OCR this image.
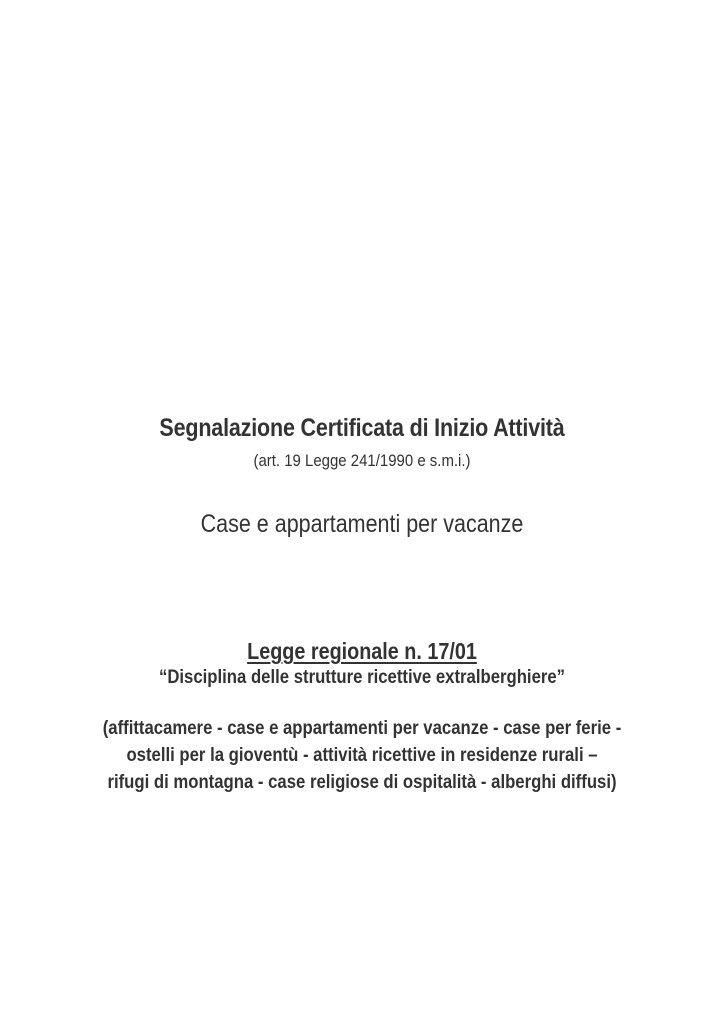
Segnalazione Certificata di Inizio Attività
(art. 19 Legge 241/1990 e s.m.i.)
Case e appartamenti per vacanze
Legge regionale n. 17/01
“Disciplina delle strutture ricettive extralberghiere”
(affittacamere - case e appartamenti per vacanze - case per ferie -
ostelli per la gioventù - attività ricettive in residenze rurali –
rifugi di montagna - case religiose di ospitalità - alberghi diffusi)
